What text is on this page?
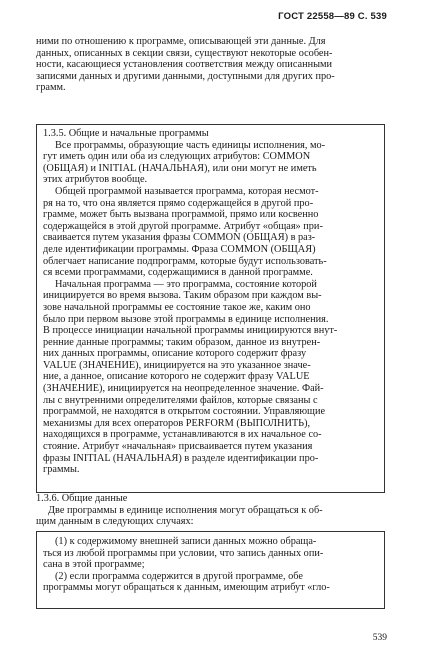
ГОСТ 22558—89 С. 539
ними по отношению к программе, описывающей эти данные. Для
данных, описанных в секции связи, существуют некоторые особен-
ности, касающиеся установления соответствия между описанными
записями данных и другими данными, доступными для других про-
грамм.
1.3.5. Общие и начальные программы
Все программы, образующие часть единицы исполнения, мо-
гут иметь один или оба из следующих атрибутов: COMMON
(ОБЩАЯ) и INITIAL (НАЧАЛЬНАЯ), или они могут не иметь
этих атрибутов вообще.
Общей программой называется программа, которая несмот-
ря на то, что она является прямо содержащейся в другой про-
грамме, может быть вызвана программой, прямо или косвенно
содержащейся в этой другой программе. Атрибут «общая» при-
сваивается путем указания фразы COMMON (ОБЩАЯ) в раз-
деле идентификации программы. Фраза COMMON (ОБЩАЯ)
облегчает написание подпрограмм, которые будут использовать-
ся всеми программами, содержащимися в данной программе.
Начальная программа — это программа, состояние которой
инициируется во время вызова. Таким образом при каждом вы-
зове начальной программы ее состояние такое же, каким оно
было при первом вызове этой программы в единице исполнения.
В процессе инициации начальной программы инициируются внут-
ренние данные программы; таким образом, данное из внутрен-
них данных программы, описание которого содержит фразу
VALUE (ЗНАЧЕНИЕ), инициируется на это указанное значе-
ние, а данное, описание которого не содержит фразу VALUE
(ЗНАЧЕНИЕ), инициируется на неопределенное значение. Фай-
лы с внутренними определителями файлов, которые связаны с
программой, не находятся в открытом состоянии. Управляющие
механизмы для всех операторов PERFORM (ВЫПОЛНИТЬ),
находящихся в программе, устанавливаются в их начальное со-
стояние. Атрибут «начальная» присваивается путем указания
фразы INITIAL (НАЧАЛЬНАЯ) в разделе идентификации про-
граммы.
1.3.6. Общие данные
Две программы в единице исполнения могут обращаться к об-
щим данным в следующих случаях:
(1) к содержимому внешней записи данных можно обраща-
ться из любой программы при условии, что запись данных опи-
сана в этой программе;
(2) если программа содержится в другой программе, обе
программы могут обращаться к данным, имеющим атрибут «гло-
539
